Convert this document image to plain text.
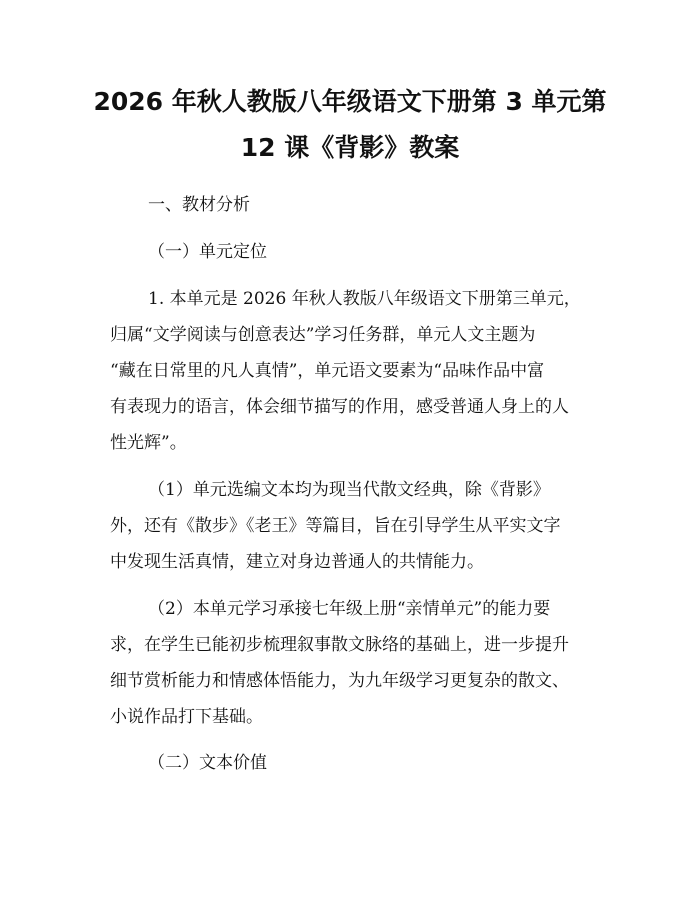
2026 年秋人教版八年级语文下册第 3 单元第
12 课《背影》教案
一、教材分析
（一）单元定位
1. 本单元是 2026 年秋人教版八年级语文下册第三单元，
归属“文学阅读与创意表达”学习任务群，单元人文主题为
“藏在日常里的凡人真情”，单元语文要素为“品味作品中富
有表现力的语言，体会细节描写的作用，感受普通人身上的人
性光辉”。
（1）单元选编文本均为现当代散文经典，除《背影》
外，还有《散步》《老王》等篇目，旨在引导学生从平实文字
中发现生活真情，建立对身边普通人的共情能力。
（2）本单元学习承接七年级上册“亲情单元”的能力要
求，在学生已能初步梳理叙事散文脉络的基础上，进一步提升
细节赏析能力和情感体悟能力，为九年级学习更复杂的散文、
小说作品打下基础。
（二）文本价值
